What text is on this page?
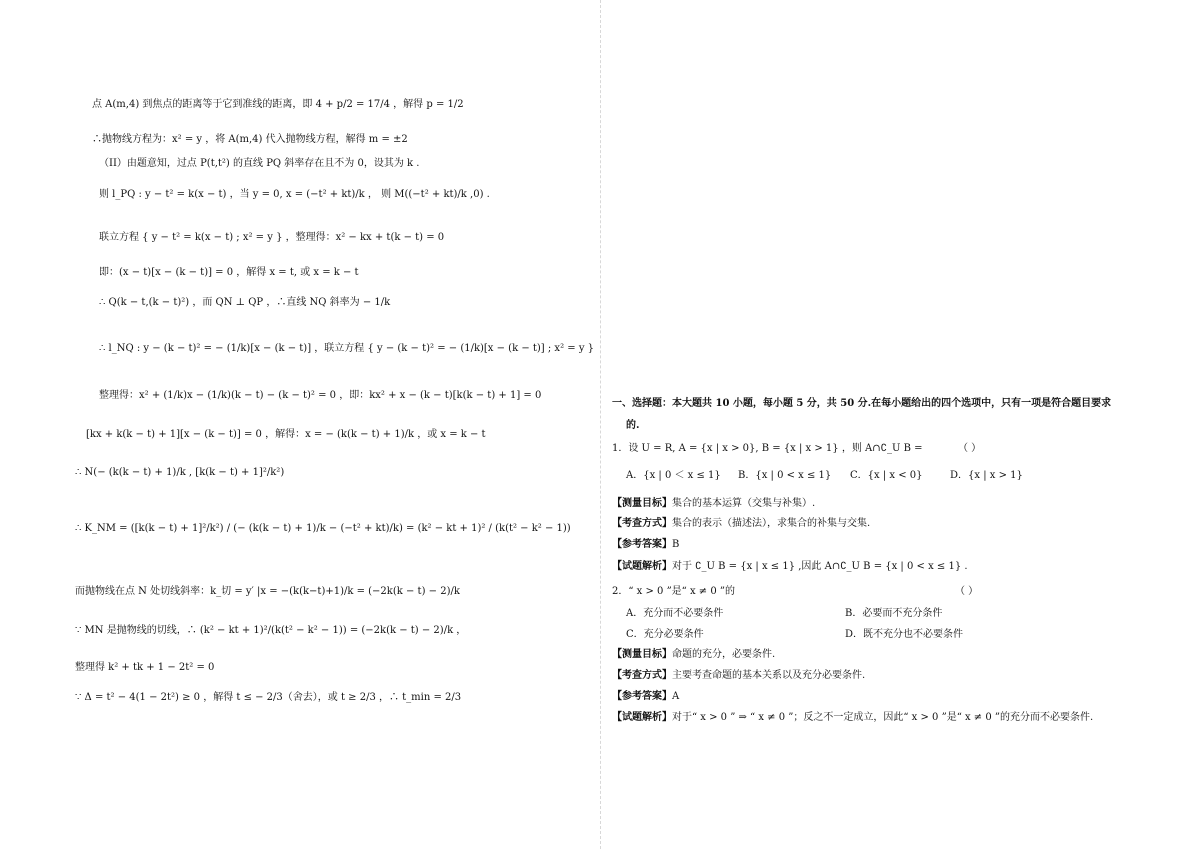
点 A(m,4) 到焦点的距离等于它到准线的距离，即 4 + p/2 = 17/4 ，解得 p = 1/2
∴抛物线方程为：x² = y ，将 A(m,4) 代入抛物线方程，解得 m = ±2
（II）由题意知，过点 P(t,t²) 的直线 PQ 斜率存在且不为 0，设其为 k .
则 l_PQ : y − t² = k(x − t) ，当 y = 0, x = (−t² + kt)/k ， 则 M((−t² + kt)/k ,0) .
联立方程 { y − t² = k(x − t) ; x² = y } ，整理得：x² − kx + t(k − t) = 0
即：(x − t)[x − (k − t)] = 0 ，解得 x = t, 或 x = k − t
∴ Q(k − t,(k − t)²) ，而 QN ⊥ QP ，∴直线 NQ 斜率为 − 1/k
∴ l_NQ : y − (k − t)² = − (1/k)[x − (k − t)] ，联立方程 { y − (k − t)² = − (1/k)[x − (k − t)] ; x² = y }
整理得：x² + (1/k)x − (1/k)(k − t) − (k − t)² = 0 ，即：kx² + x − (k − t)[k(k − t) + 1] = 0
[kx + k(k − t) + 1][x − (k − t)] = 0 ，解得：x = − (k(k − t) + 1)/k ，或 x = k − t
∴ N(− (k(k − t) + 1)/k , [k(k − t) + 1]²/k²)
∴ K_NM = ([k(k − t) + 1]²/k²) / (− (k(k − t) + 1)/k − (−t² + kt)/k) = (k² − kt + 1)² / (k(t² − k² − 1))
而抛物线在点 N 处切线斜率：k_切 = y′ |x = −(k(k−t)+1)/k = (−2k(k − t) − 2)/k
∵ MN 是抛物线的切线，∴ (k² − kt + 1)²/(k(t² − k² − 1)) = (−2k(k − t) − 2)/k ，
整理得 k² + tk + 1 − 2t² = 0
∵ Δ = t² − 4(1 − 2t²) ≥ 0 ，解得 t ≤ − 2/3（舍去），或 t ≥ 2/3 ，∴ t_min = 2/3
一、选择题：本大题共 10 小题，每小题 5 分，共 50 分.在每小题给出的四个选项中，只有一项是符合题目要求
的.
1．设 U = R, A = {x | x > 0}, B = {x | x > 1} ，则 A∩∁_U B =	（ ）
A．{x | 0 ＜ x ≤ 1} B．{x | 0 < x ≤ 1} C．{x | x < 0}	D．{x | x > 1}
【测量目标】集合的基本运算（交集与补集）.
【考查方式】集合的表示（描述法），求集合的补集与交集.
【参考答案】B
【试题解析】对于 ∁_U B = {x | x ≤ 1} ,因此 A∩∁_U B = {x | 0 < x ≤ 1} .
2．“ x > 0 ”是“ x ≠ 0 ”的	（ ）
A．充分而不必要条件	B．必要而不充分条件
C．充分必要条件	D．既不充分也不必要条件
【测量目标】命题的充分，必要条件.
【考查方式】主要考查命题的基本关系以及充分必要条件.
【参考答案】A
【试题解析】对于“ x > 0 ” ⇒ “ x ≠ 0 ”；反之不一定成立，因此“ x > 0 ”是“ x ≠ 0 ”的充分而不必要条件.
